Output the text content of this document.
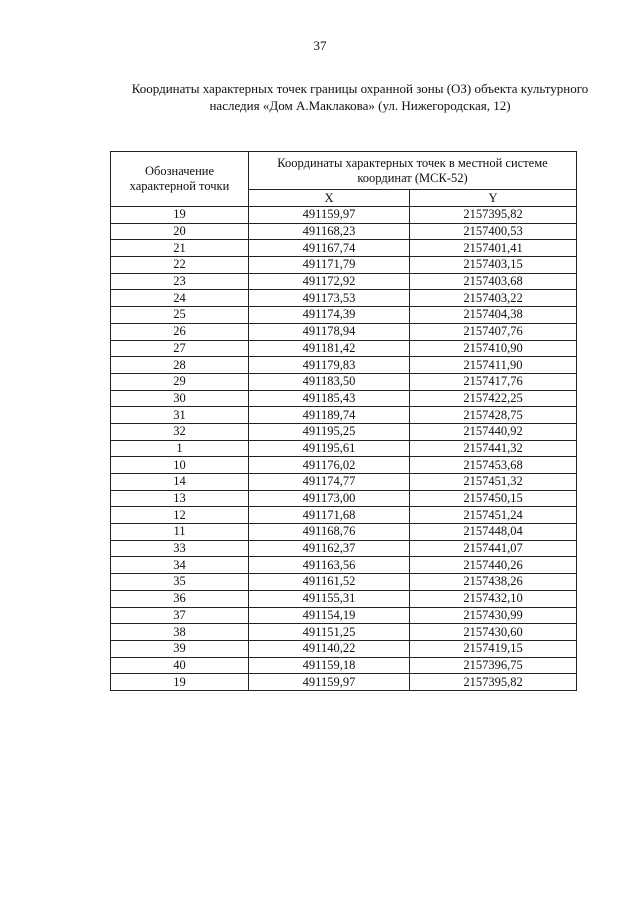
37
Координаты характерных точек границы охранной зоны (ОЗ) объекта культурного
наследия «Дом А.Маклакова» (ул. Нижегородская, 12)
Обозначение характерной точки	Координаты характерных точек в местной системе координат (МСК-52)	
	X	Y
19	491159,97	2157395,82
20	491168,23	2157400,53
21	491167,74	2157401,41
22	491171,79	2157403,15
23	491172,92	2157403,68
24	491173,53	2157403,22
25	491174,39	2157404,38
26	491178,94	2157407,76
27	491181,42	2157410,90
28	491179,83	2157411,90
29	491183,50	2157417,76
30	491185,43	2157422,25
31	491189,74	2157428,75
32	491195,25	2157440,92
1	491195,61	2157441,32
10	491176,02	2157453,68
14	491174,77	2157451,32
13	491173,00	2157450,15
12	491171,68	2157451,24
11	491168,76	2157448,04
33	491162,37	2157441,07
34	491163,56	2157440,26
35	491161,52	2157438,26
36	491155,31	2157432,10
37	491154,19	2157430,99
38	491151,25	2157430,60
39	491140,22	2157419,15
40	491159,18	2157396,75
19	491159,97	2157395,82
